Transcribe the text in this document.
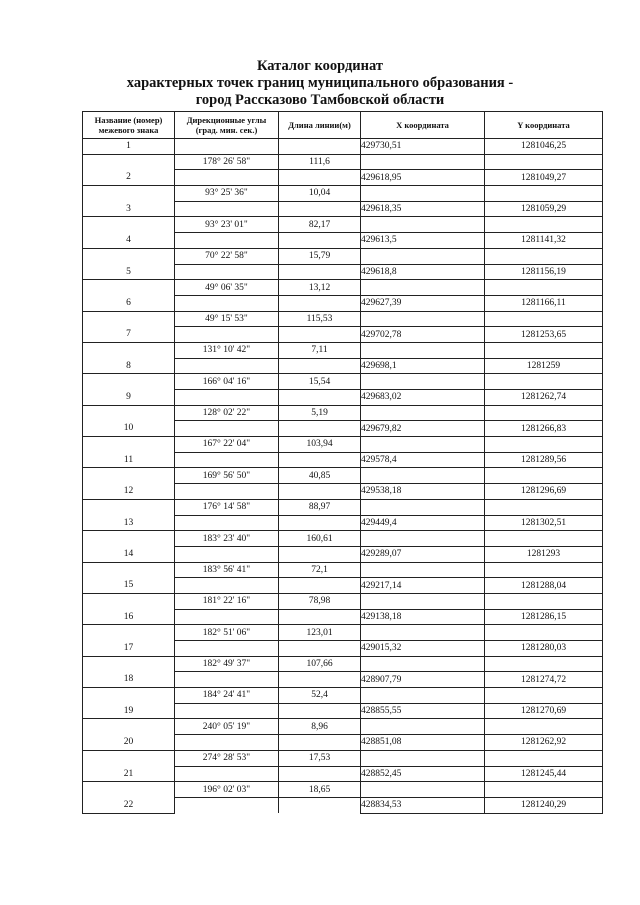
Каталог координат
характерных точек границ муниципального образования -
город Рассказово Тамбовской области
Название (номер) межевого знака	Дирекционные углы (град. мин. сек.)	Длина линии(м)	X координата	Y координата
1			429730,51	1281046,25
	178° 26' 58"	111,6		
2			429618,95	1281049,27
	93° 25' 36"	10,04		
3			429618,35	1281059,29
	93° 23' 01"	82,17		
4			429613,5	1281141,32
	70° 22' 58"	15,79		
5			429618,8	1281156,19
	49° 06' 35"	13,12		
6			429627,39	1281166,11
	49° 15' 53"	115,53		
7			429702,78	1281253,65
	131° 10' 42"	7,11		
8			429698,1	1281259
	166° 04' 16"	15,54		
9			429683,02	1281262,74
	128° 02' 22"	5,19		
10			429679,82	1281266,83
	167° 22' 04"	103,94		
11			429578,4	1281289,56
	169° 56' 50"	40,85		
12			429538,18	1281296,69
	176° 14' 58"	88,97		
13			429449,4	1281302,51
	183° 23' 40"	160,61		
14			429289,07	1281293
	183° 56' 41"	72,1		
15			429217,14	1281288,04
	181° 22' 16"	78,98		
16			429138,18	1281286,15
	182° 51' 06"	123,01		
17			429015,32	1281280,03
	182° 49' 37"	107,66		
18			428907,79	1281274,72
	184° 24' 41"	52,4		
19			428855,55	1281270,69
	240° 05' 19"	8,96		
20			428851,08	1281262,92
	274° 28' 53"	17,53		
21			428852,45	1281245,44
	196° 02' 03"	18,65		
22			428834,53	1281240,29
